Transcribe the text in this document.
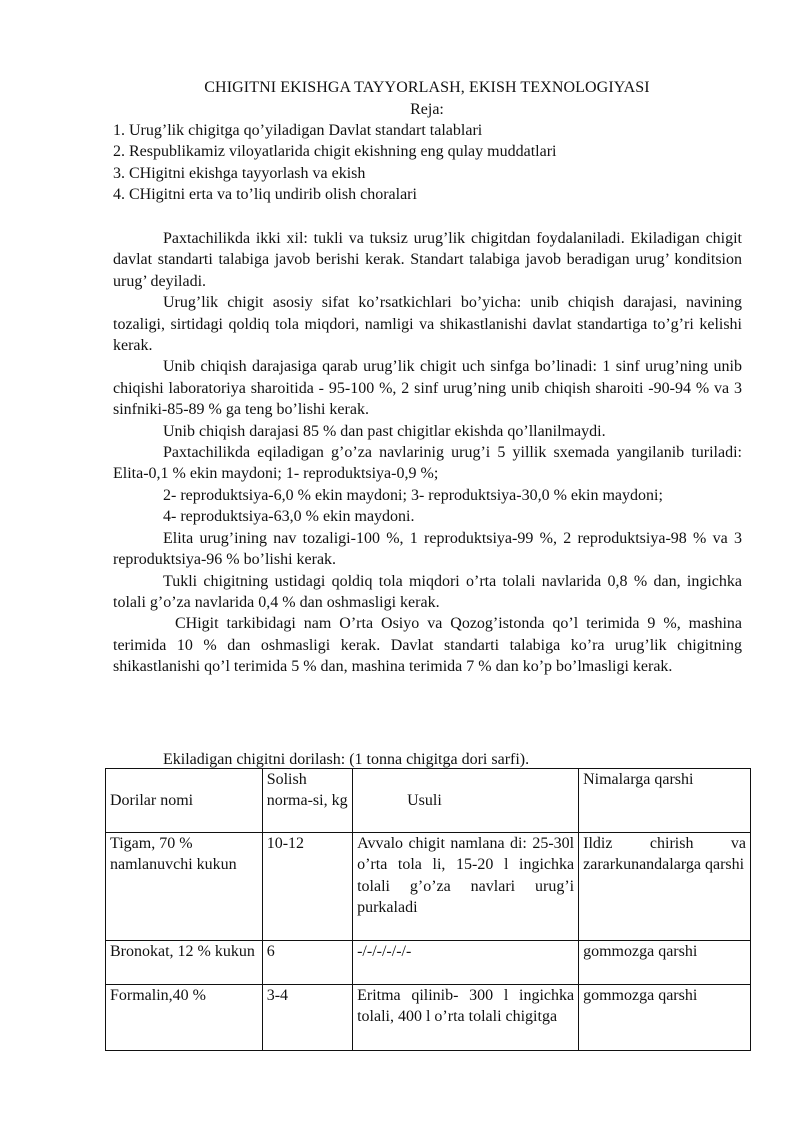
CHIGITNI EKISHGA TAYYORLASH, EKISH TEXNOLOGIYASI
Reja:
1. Urug’lik chigitga qo’yiladigan Davlat standart talablari
2. Respublikamiz viloyatlarida chigit ekishning eng qulay muddatlari
3. CHigitni ekishga tayyorlash va ekish
4. CHigitni erta va to’liq undirib olish choralari

Paxtachilikda ikki xil: tukli va tuksiz urug’lik chigitdan foydalaniladi. Ekiladigan chigit davlat standarti talabiga javob berishi kerak. Standart talabiga javob beradigan urug’ konditsion urug’ deyiladi.

Urug’lik chigit asosiy sifat ko’rsatkichlari bo’yicha: unib chiqish darajasi, navining tozaligi, sirtidagi qoldiq tola miqdori, namligi va shikastlanishi davlat standartiga to’g’ri kelishi kerak.

Unib chiqish darajasiga qarab urug’lik chigit uch sinfga bo’linadi: 1 sinf urug’ning unib chiqishi laboratoriya sharoitida - 95-100 %, 2 sinf urug’ning unib chiqish sharoiti -90-94 % va 3 sinfniki-85-89 % ga teng bo’lishi kerak.

Unib chiqish darajasi 85 % dan past chigitlar ekishda qo’llanilmaydi.

Paxtachilikda eqiladigan g’o’za navlarinig urug’i 5 yillik sxemada yangilanib turiladi: Elita-0,1 % ekin maydoni; 1- reproduktsiya-0,9 %;

2- reproduktsiya-6,0 % ekin maydoni; 3- reproduktsiya-30,0 % ekin maydoni;

4- reproduktsiya-63,0 % ekin maydoni.

Elita urug’ining nav tozaligi-100 %, 1 reproduktsiya-99 %, 2 reproduktsiya-98 % va 3 reproduktsiya-96 % bo’lishi kerak.

Tukli chigitning ustidagi qoldiq tola miqdori o’rta tolali navlarida 0,8 % dan, ingichka tolali g’o’za navlarida 0,4 % dan oshmasligi kerak.

CHigit tarkibidagi nam O’rta Osiyo va Qozog’istonda qo’l terimida 9 %, mashina terimida 10 % dan oshmasligi kerak. Davlat standarti talabiga ko’ra urug’lik chigitning shikastlanishi qo’l terimida 5 % dan, mashina terimida 7 % dan ko’p bo’lmasligi kerak.

Ekiladigan chigitni dorilash: (1 tonna chigitga dori sarfi).
Dorilar nomi	Solish norma-si, kg	Usuli	Nimalarga qarshi
Tigam, 70 % namlanuvchi kukun	10-12	Avvalo chigit namlana di: 25-30l o’rta tola li, 15-20 l ingichka tolali g’o’za navlari urug’i purkaladi	Ildiz chirish va zararkunandalarga qarshi
Bronokat, 12 % kukun	6	-/-/-/-/-/-	gommozga qarshi
Formalin,40 %	3-4	Eritma qilinib- 300 l ingichka tolali, 400 l o’rta tolali chigitga	gommozga qarshi
